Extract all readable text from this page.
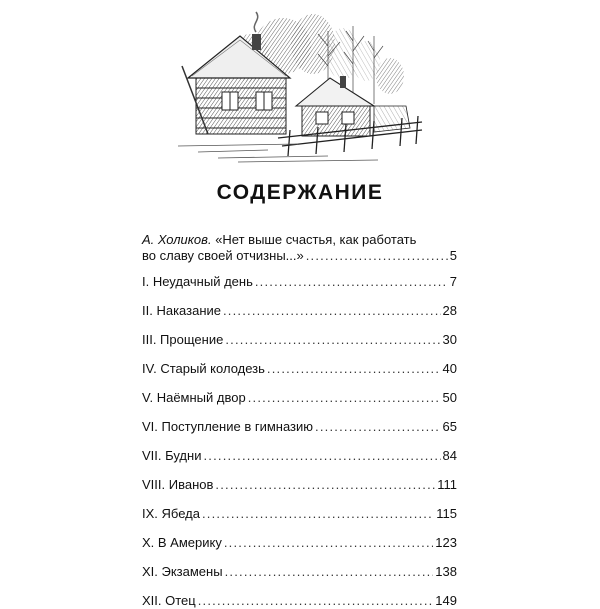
СОДЕРЖАНИЕ
А. Холиков. «Нет выше счастья, как работать
во славу своей отчизны...» .....	5
I. Неудачный день .....	7
II. Наказание .....	28
III. Прощение .....	30
IV. Старый колодезь .....	40
V. Наёмный двор .....	50
VI. Поступление в гимназию .....	65
VII. Будни .....	84
VIII. Иванов .....	111
IX. Ябеда .....	115
X. В Америку .....	123
XI. Экзамены .....	138
XII. Отец .....	149
